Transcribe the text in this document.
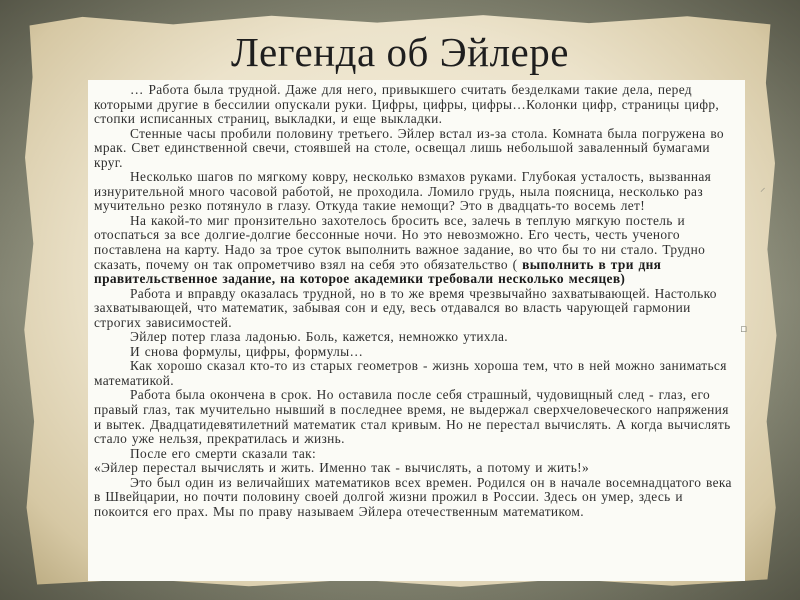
Легенда об Эйлере

… Работа была трудной. Даже для него, привыкшего считать безделками такие дела, перед которыми другие в бессилии опускали руки. Цифры, цифры, цифры…Колонки цифр, страницы цифр, стопки исписанных страниц, выкладки, и еще выкладки.

Стенные часы пробили половину третьего. Эйлер встал из-за стола. Комната была погружена во мрак. Свет единственной свечи, стоявшей на столе, освещал лишь небольшой заваленный бумагами круг.

Несколько шагов по мягкому ковру, несколько взмахов руками. Глубокая усталость, вызванная изнурительной много часовой работой, не проходила. Ломило грудь, ныла поясница, несколько раз мучительно резко потянуло в глазу. Откуда такие немощи? Это в двадцать-то восемь лет!

На какой-то миг пронзительно захотелось бросить все, залечь в теплую мягкую постель и отоспаться за все долгие-долгие бессонные ночи. Но это невозможно. Его честь, честь ученого поставлена на карту. Надо за трое суток выполнить важное задание, во что бы то ни стало. Трудно сказать, почему он так опрометчиво взял на себя это обязательство ( выполнить в три дня правительственное задание, на которое академики требовали несколько месяцев)

Работа и вправду оказалась трудной, но в то же время чрезвычайно захватывающей. Настолько захватывающей, что математик, забывая сон и еду, весь отдавался во власть чарующей гармонии строгих зависимостей.

Эйлер потер глаза ладонью. Боль, кажется, немножко утихла.

И снова формулы, цифры, формулы…

Как хорошо сказал кто-то из старых геометров - жизнь хороша тем, что в ней можно заниматься математикой.

Работа была окончена в срок. Но оставила после себя страшный, чудовищный след - глаз, его правый глаз, так мучительно нывший в последнее время, не выдержал сверхчеловеческого напряжения и вытек. Двадцатидевятилетний математик стал кривым. Но не перестал вычислять. А когда вычислять стало уже нельзя, прекратилась и жизнь.

После его смерти сказали так:

«Эйлер перестал вычислять и жить. Именно так - вычислять, а потому и жить!»

Это был один из величайших математиков всех времен. Родился он в начале восемнадцатого века в Швейцарии, но почти половину своей долгой жизни прожил в России. Здесь он умер, здесь и покоится его прах. Мы по праву называем Эйлера отечественным математиком.

⸝
▫
